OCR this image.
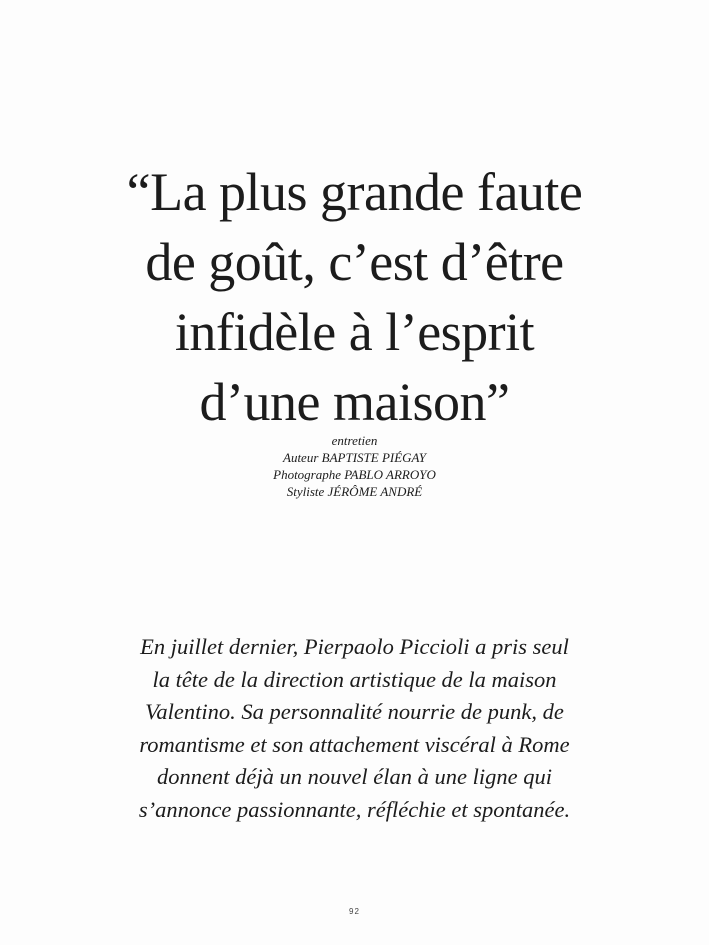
“La plus grande faute
de goût, c’est d’être
infidèle à l’esprit
d’une maison”
entretien
Auteur BAPTISTE PIÉGAY
Photographe PABLO ARROYO
Styliste JÉRÔME ANDRÉ

En juillet dernier, Pierpaolo Piccioli a pris seul
la tête de la direction artistique de la maison
Valentino. Sa personnalité nourrie de punk, de
romantisme et son attachement viscéral à Rome
donnent déjà un nouvel élan à une ligne qui
s’annonce passionnante, réfléchie et spontanée.

92
